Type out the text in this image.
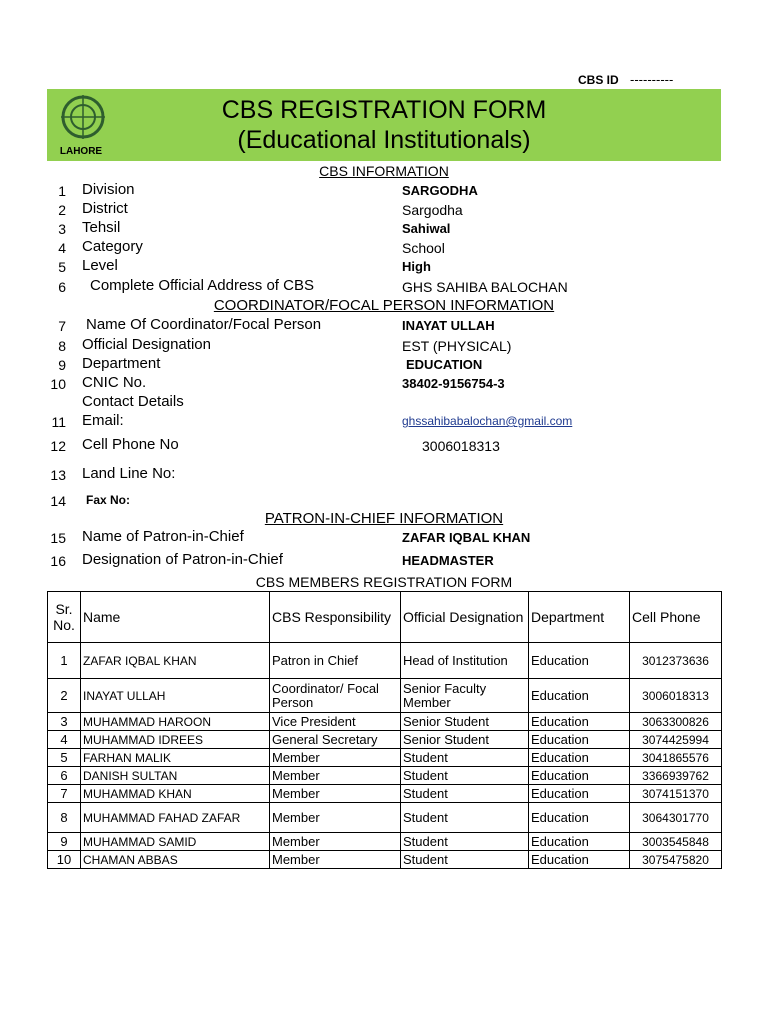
CBS ID ----------
LAHORE
CBS REGISTRATION FORM
(Educational Institutionals)
CBS INFORMATION
1 Division	SARGODHA
2 District	Sargodha
3 Tehsil	Sahiwal
4 Category	School
5 Level	High
6 Complete Official Address of CBS	GHS SAHIBA BALOCHAN
7 Name Of Coordinator/Focal Person	INAYAT ULLAH
8 Official Designation	EST (PHYSICAL)
9 Department	EDUCATION
10 CNIC No.	38402-9156754-3
Contact Details
11 Email:	ghssahibabalochan@gmail.com
12 Cell Phone No	3006018313
13 Land Line No:
14 Fax No:
15 Name of Patron-in-Chief	ZAFAR IQBAL KHAN
16 Designation of Patron-in-Chief	HEADMASTER
COORDINATOR/FOCAL PERSON INFORMATION
PATRON-IN-CHIEF INFORMATION
CBS MEMBERS REGISTRATION FORM
Sr.
No.	Name	CBS Responsibility	Official Designation	Department	Cell Phone
1	ZAFAR IQBAL KHAN	Patron in Chief	Head of Institution	Education	3012373636
2	INAYAT ULLAH	Coordinator/ Focal Person	Senior Faculty Member	Education	3006018313
3	MUHAMMAD HAROON	Vice President	Senior Student	Education	3063300826
4	MUHAMMAD IDREES	General Secretary	Senior Student	Education	3074425994
5	FARHAN MALIK	Member	Student	Education	3041865576
6	DANISH SULTAN	Member	Student	Education	3366939762
7	MUHAMMAD KHAN	Member	Student	Education	3074151370
8	MUHAMMAD FAHAD ZAFAR	Member	Student	Education	3064301770
9	MUHAMMAD SAMID	Member	Student	Education	3003545848
10	CHAMAN ABBAS	Member	Student	Education	3075475820
